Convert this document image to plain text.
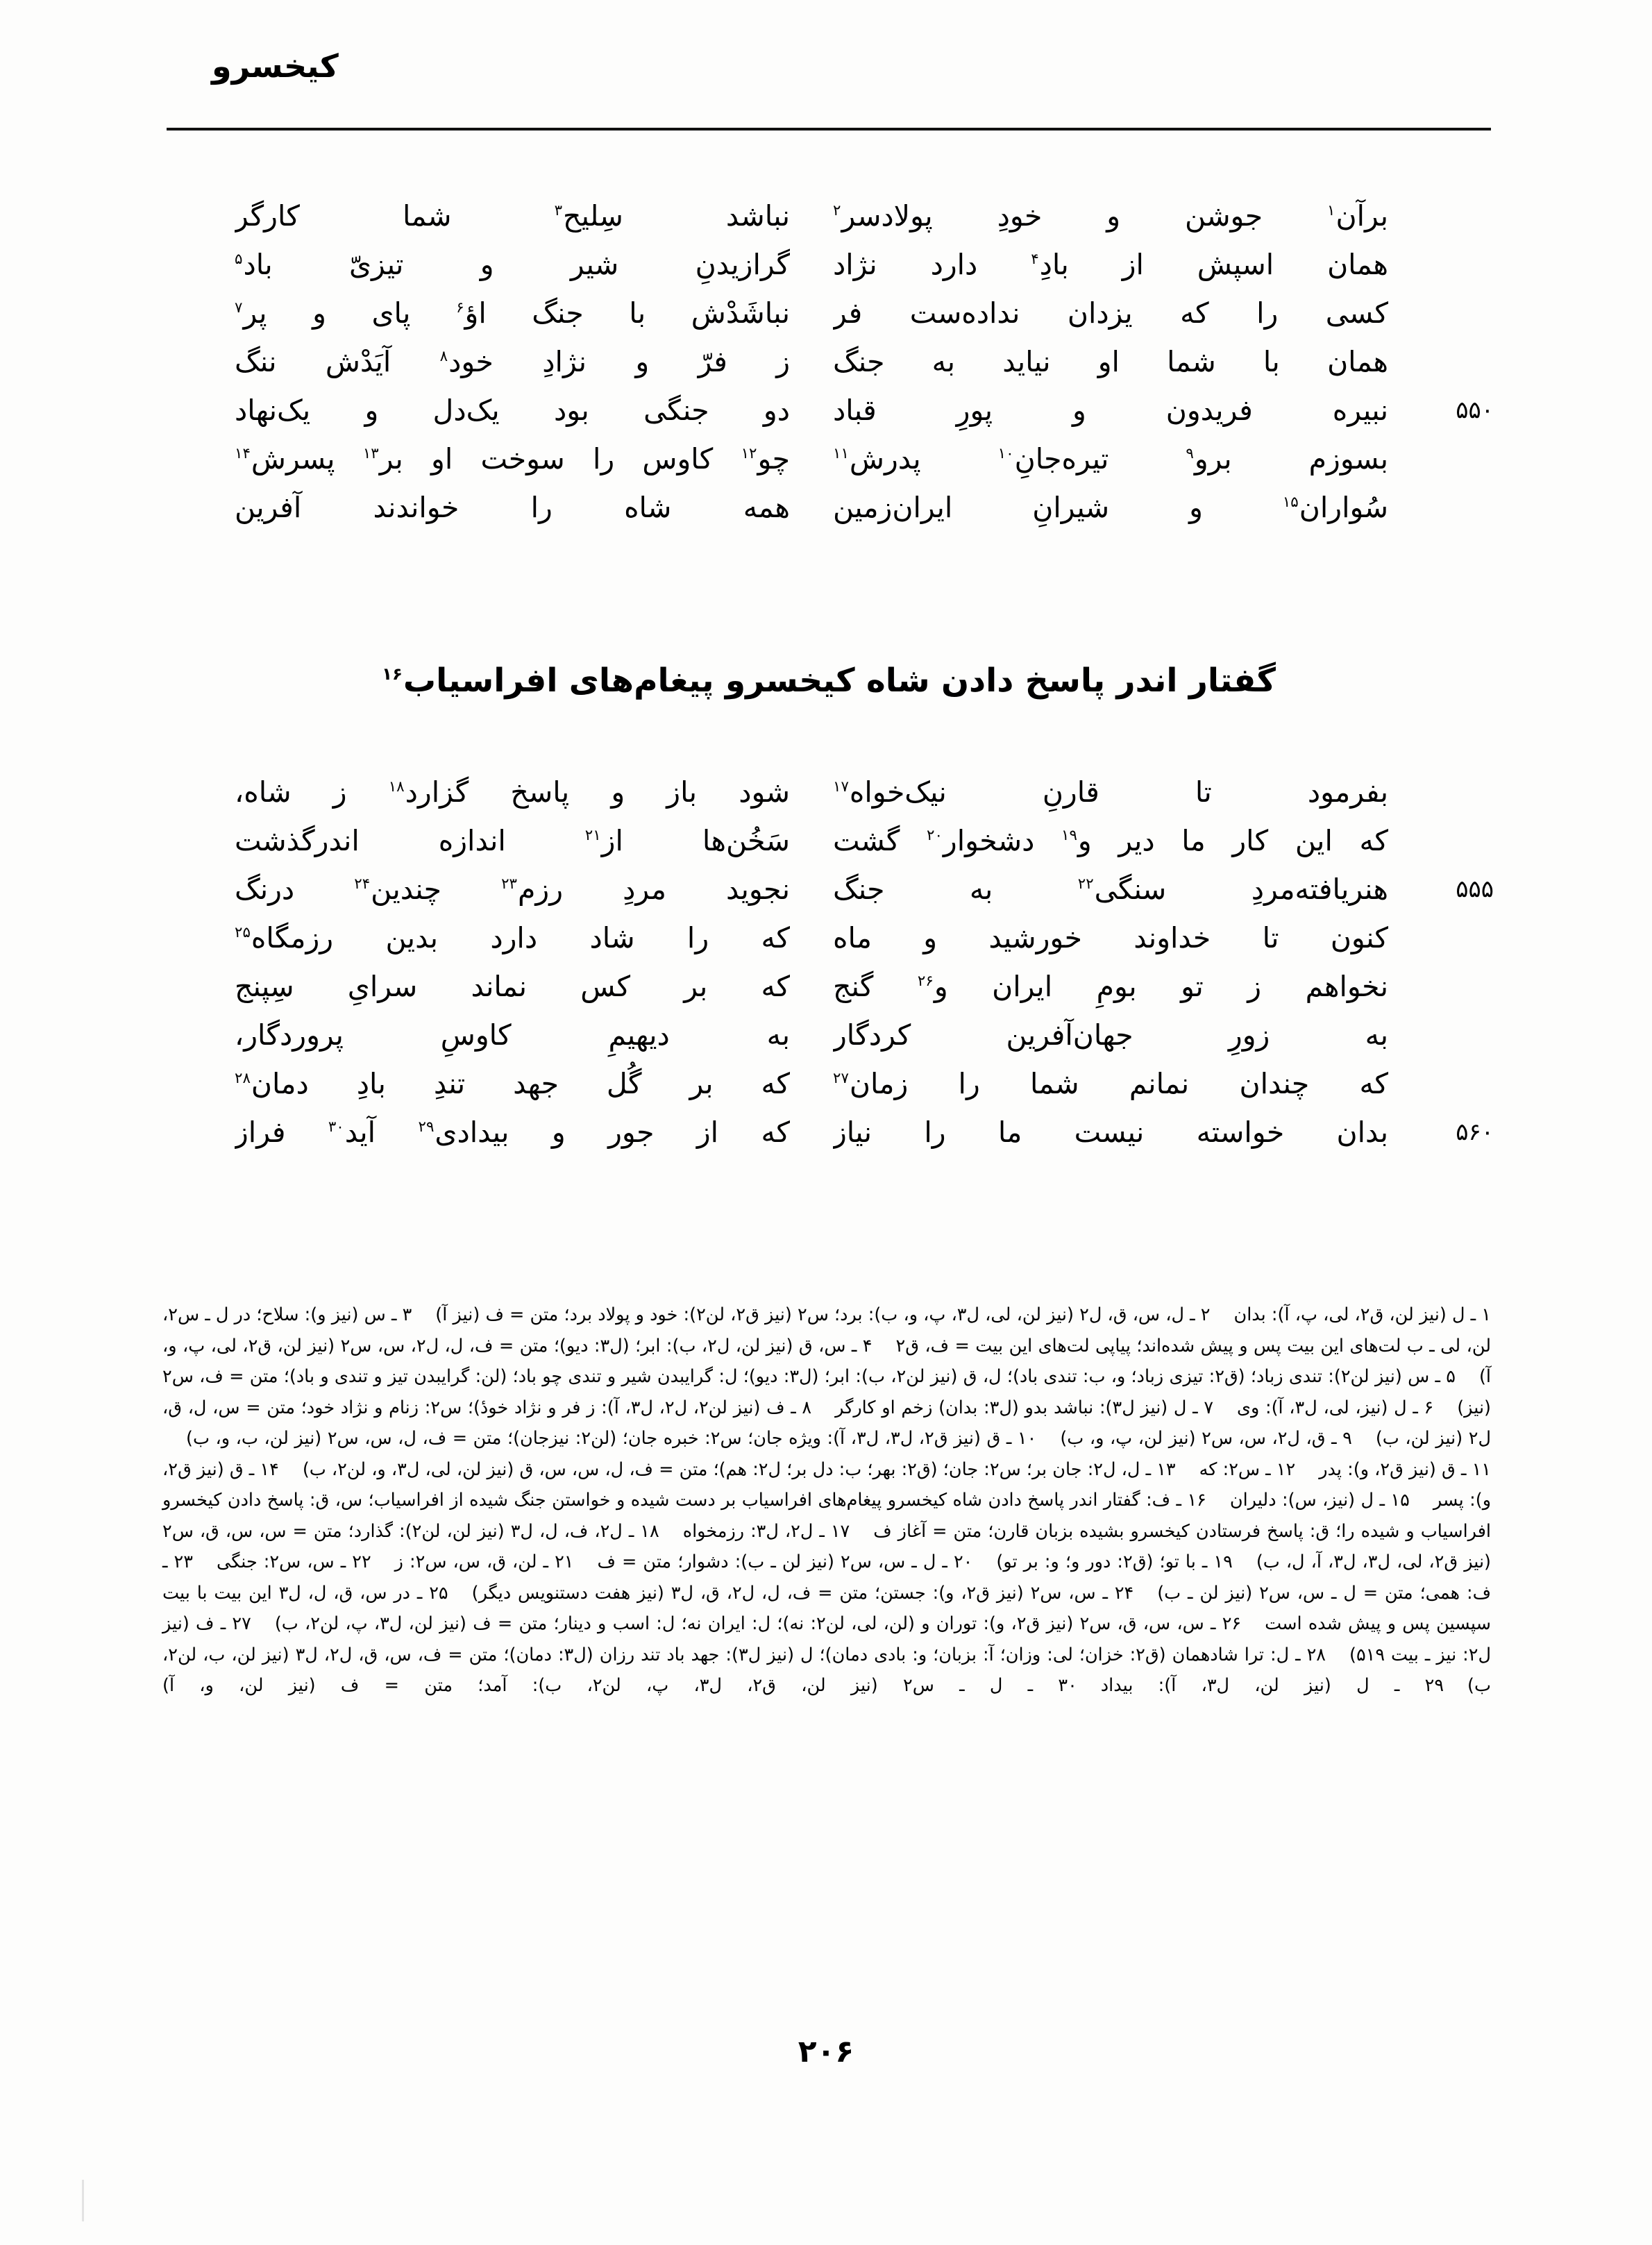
کیخسرو
برآن$^۱$ جوشن و خودِ پولادسر$^۲$
نباشد سِلیح$^۳$ شما کارگر
همان اسپش از بادِ$^۴$ دارد نژاد
گرازیدنِ شیر و تیزیّ باد$^۵$
کسی را که یزدان نداده‌ست فر
نباشَدْش با جنگ اؤ$^۶$ پای و پر$^۷$
همان با شما او نیاید به جنگ
ز فرّ و نژادِ خود$^۸$ آیَدْش ننگ
۵۵۰
نبیره فریدون و پورِ قباد
دو جنگی بود یک‌دل و یک‌نهاد
بسوزم برو$^۹$ تیره‌جانِ$^{۱۰}$ پدرش$^{۱۱}$
چو$^{۱۲}$ کاوس را سوخت او بر$^{۱۳}$ پسرش$^{۱۴}$
سُواران$^{۱۵}$ و شیرانِ ایران‌زمین
همه شاه را خواندند آفرین
گفتار اندر پاسخ دادن شاه کیخسرو پیغام‌های افراسیاب$^{۱۶}$
بفرمود تا قارنِ نیک‌خواه$^{۱۷}$
شود باز و پاسخ گزارد$^{۱۸}$ ز شاه،
که این کار ما دیر و$^{۱۹}$ دشخوار$^{۲۰}$ گشت
سَخُن‌ها از$^{۲۱}$ اندازه اندرگذشت
۵۵۵
هنریافته‌مردِ سنگی$^{۲۲}$ به جنگ
نجوید مردِ رزم$^{۲۳}$ چندین$^{۲۴}$ درنگ
کنون تا خداوند خورشید و ماه
که را شاد دارد بدین رزمگاه$^{۲۵}$
نخواهم ز تو بومِ ایران و$^{۲۶}$ گنج
که بر کس نماند سرایِ سِپنج
به زورِ جهان‌آفرین کردگار
به دیهیمِ کاوسِ پروردگار،
که چندان نمانم شما را زمان$^{۲۷}$
که بر گُل جهد تندِ بادِ دمان$^{۲۸}$
۵۶۰
بدان خواسته نیست ما را نیاز
که از جور و بیدادی$^{۲۹}$ آید$^{۳۰}$ فراز
۱ ـ ل (نیز لن، ق۲، لی، پ، آ): بدان ۲ ـ ل، س، ق، ل۲ (نیز لن، لی، ل۳، پ، و، ب): برد؛ س۲ (نیز ق۲، لن۲): خود و پولاد برد؛ متن = ف (نیز آ) ۳ ـ س (نیز و): سلاح؛ در ل ـ س۲، لن، لی ـ ب لت‌های این بیت پس و پیش شده‌اند؛ پیاپی لت‌های این بیت = ف، ق۲ ۴ ـ س، ق (نیز لن، ل۲، ب): ابر؛ (ل۳: دیو)؛ متن = ف، ل، ل۲، س، س۲ (نیز لن، ق۲، لی، پ، و، آ) ۵ ـ س (نیز لن۲): تندی زباد؛ (ق۲: تیزی زباد؛ و، ب: تندی باد)؛ ل، ق (نیز لن۲، ب): ابر؛ (ل۳: دیو)؛ ل: گرایبدن شیر و تندی چو باد؛ (لن: گرایبدن تیز و تندی و باد)؛ متن = ف، س۲ (نیز) ۶ ـ ل (نیز، لی، ل۳، آ): وی ۷ ـ ل (نیز ل۳): نباشد بدو (ل۳: بدان) زخم او کارگر ۸ ـ ف (نیز لن۲، ل۲، ل۳، آ): ز فر و نژاد خودٔ)؛ س۲: زنام و نژاد خود؛ متن = س، ل، ق، ل۲ (نیز لن، ب) ۹ ـ ق، ل۲، س، س۲ (نیز لن، پ، و، ب) ۱۰ ـ ق (نیز ق۲، ل۳، ل۳، آ): ویژه جان؛ س۲: خبره جان؛ (لن۲: نیزجان)؛ متن = ف، ل، س، س۲ (نیز لن، ب، و، ب) ۱۱ ـ ق (نیز ق۲، و): پدر ۱۲ ـ س۲: که ۱۳ ـ ل، ل۲: جان بر؛ س۲: جان؛ (ق۲: بهر؛ ب: دل بر؛ ل۲: هم)؛ متن = ف، ل، س، س، ق (نیز لن، لی، ل۳، و، لن۲، ب) ۱۴ ـ ق (نیز ق۲، و): پسر ۱۵ ـ ل (نیز، س): دلیران ۱۶ ـ ف: گفتار اندر پاسخ دادن شاه کیخسرو پیغام‌های افراسیاب بر دست شیده و خواستن جنگ شیده از افراسیاب؛ س، ق: پاسخ دادن کیخسرو افراسیاب و شیده را؛ ق: پاسخ فرستادن کیخسرو بشیده بزبان قارن؛ متن = آغاز ف ۱۷ ـ ل۲، ل۳: رزمخواه ۱۸ ـ ل۲، ف، ل، ل۳ (نیز لن، لن۲): گذارد؛ متن = س، س، ق، س۲ (نیز ق۲، لی، ل۳، ل۳، آ، ل، ب) ۱۹ ـ با تو؛ (ق۲: دور و؛ و: بر تو) ۲۰ ـ ل ـ س، س۲ (نیز لن ـ ب): دشوار؛ متن = ف ۲۱ ـ لن، ق، س، س۲: ز ۲۲ ـ س، س۲: جنگی ۲۳ ـ ف: همی؛ متن = ل ـ س، س۲ (نیز لن ـ ب) ۲۴ ـ س، س۲ (نیز ق۲، و): جستن؛ متن = ف، ل، ل۲، ق، ل۳ (نیز هفت دستنویس دیگر) ۲۵ ـ در س، ق، ل، ل۳ این بیت با بیت سپسین پس و پیش شده است ۲۶ ـ س، س، ق، س۲ (نیز ق۲، و): توران و (لن، لی، لن۲: نه)؛ ل: ایران نه؛ ل: اسب و دینار؛ متن = ف (نیز لن، ل۳، پ، لن۲، ب) ۲۷ ـ ف (نیز ل۲: نیز ـ بیت ۵۱۹) ۲۸ ـ ل: ترا شادهمان (ق۲: خزان؛ لی: وزان؛ آ: بزبان؛ و: بادی دمان)؛ ل (نیز ل۳): جهد باد تند رزان (ل۳: دمان)؛ متن = ف، س، ق، ل۲، ل۳ (نیز لن، ب، لن۲، ب) ۲۹ ـ ل (نیز لن، ل۳، آ): بیداد ۳۰ ـ ل ـ س۲ (نیز لن، ق۲، ل۳، پ، لن۲، ب): آمد؛ متن = ف (نیز لن، و، آ)
۲۰۶
